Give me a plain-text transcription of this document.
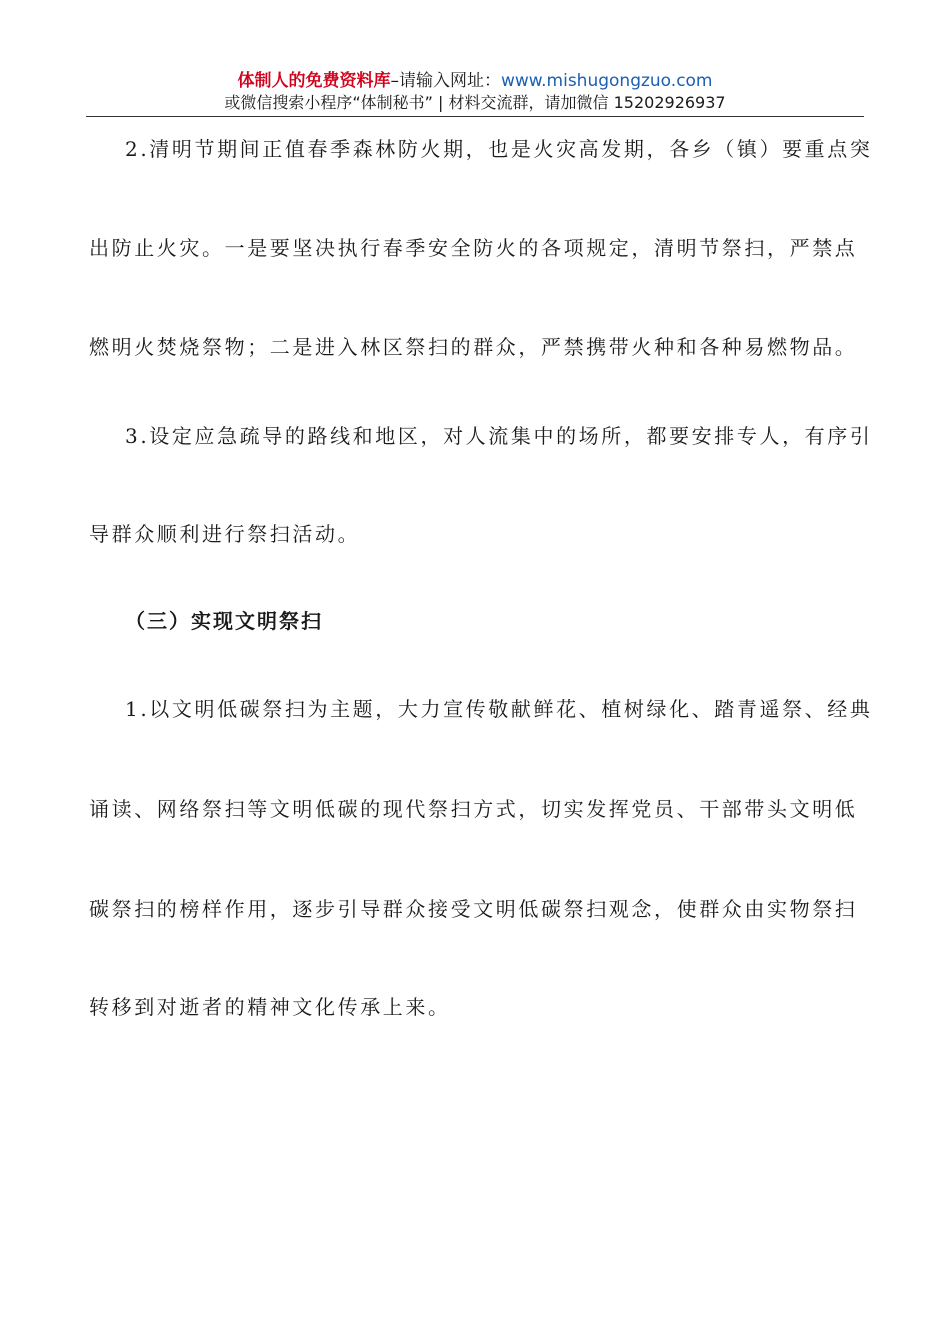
体制人的免费资料库–请输入网址：www.mishugongzuo.com
或微信搜索小程序“体制秘书” | 材料交流群，请加微信 15202926937
2.清明节期间正值春季森林防火期，也是火灾高发期，各乡（镇）要重点突
出防止火灾。一是要坚决执行春季安全防火的各项规定，清明节祭扫，严禁点
燃明火焚烧祭物；二是进入林区祭扫的群众，严禁携带火种和各种易燃物品。
3.设定应急疏导的路线和地区，对人流集中的场所，都要安排专人，有序引
导群众顺利进行祭扫活动。
（三）实现文明祭扫
1.以文明低碳祭扫为主题，大力宣传敬献鲜花、植树绿化、踏青遥祭、经典
诵读、网络祭扫等文明低碳的现代祭扫方式，切实发挥党员、干部带头文明低
碳祭扫的榜样作用，逐步引导群众接受文明低碳祭扫观念，使群众由实物祭扫
转移到对逝者的精神文化传承上来。
